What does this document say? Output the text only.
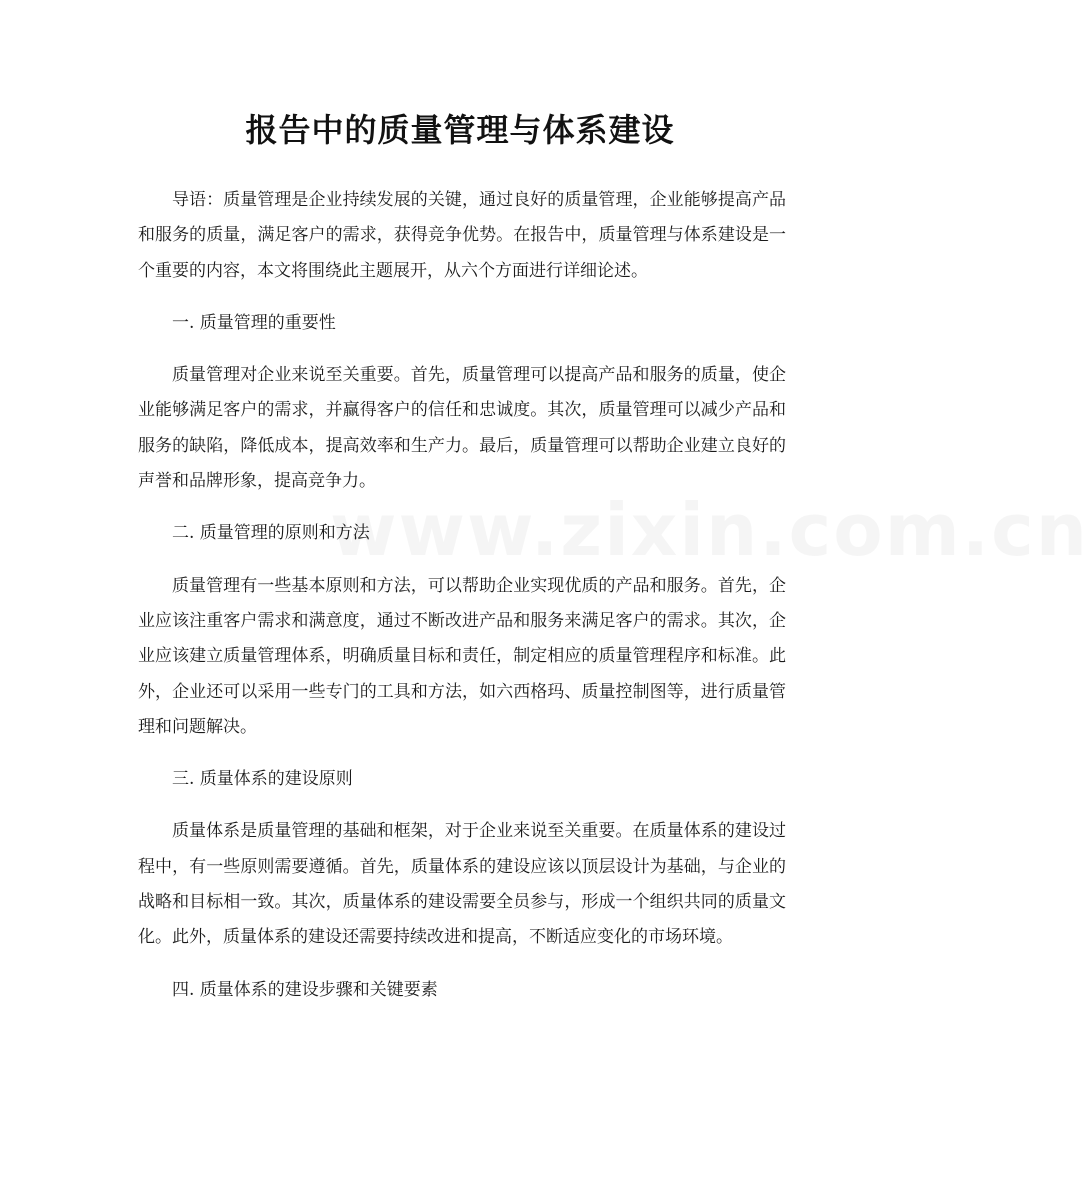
www.zixin.com.cn
报告中的质量管理与体系建设

导语：质量管理是企业持续发展的关键，通过良好的质量管理，企业能够提高产品和服务的质量，满足客户的需求，获得竞争优势。在报告中，质量管理与体系建设是一个重要的内容，本文将围绕此主题展开，从六个方面进行详细论述。

一. 质量管理的重要性

质量管理对企业来说至关重要。首先，质量管理可以提高产品和服务的质量，使企业能够满足客户的需求，并赢得客户的信任和忠诚度。其次，质量管理可以减少产品和服务的缺陷，降低成本，提高效率和生产力。最后，质量管理可以帮助企业建立良好的声誉和品牌形象，提高竞争力。

二. 质量管理的原则和方法

质量管理有一些基本原则和方法，可以帮助企业实现优质的产品和服务。首先，企业应该注重客户需求和满意度，通过不断改进产品和服务来满足客户的需求。其次，企业应该建立质量管理体系，明确质量目标和责任，制定相应的质量管理程序和标准。此外，企业还可以采用一些专门的工具和方法，如六西格玛、质量控制图等，进行质量管理和问题解决。

三. 质量体系的建设原则

质量体系是质量管理的基础和框架，对于企业来说至关重要。在质量体系的建设过程中，有一些原则需要遵循。首先，质量体系的建设应该以顶层设计为基础，与企业的战略和目标相一致。其次，质量体系的建设需要全员参与，形成一个组织共同的质量文化。此外，质量体系的建设还需要持续改进和提高，不断适应变化的市场环境。

四. 质量体系的建设步骤和关键要素
